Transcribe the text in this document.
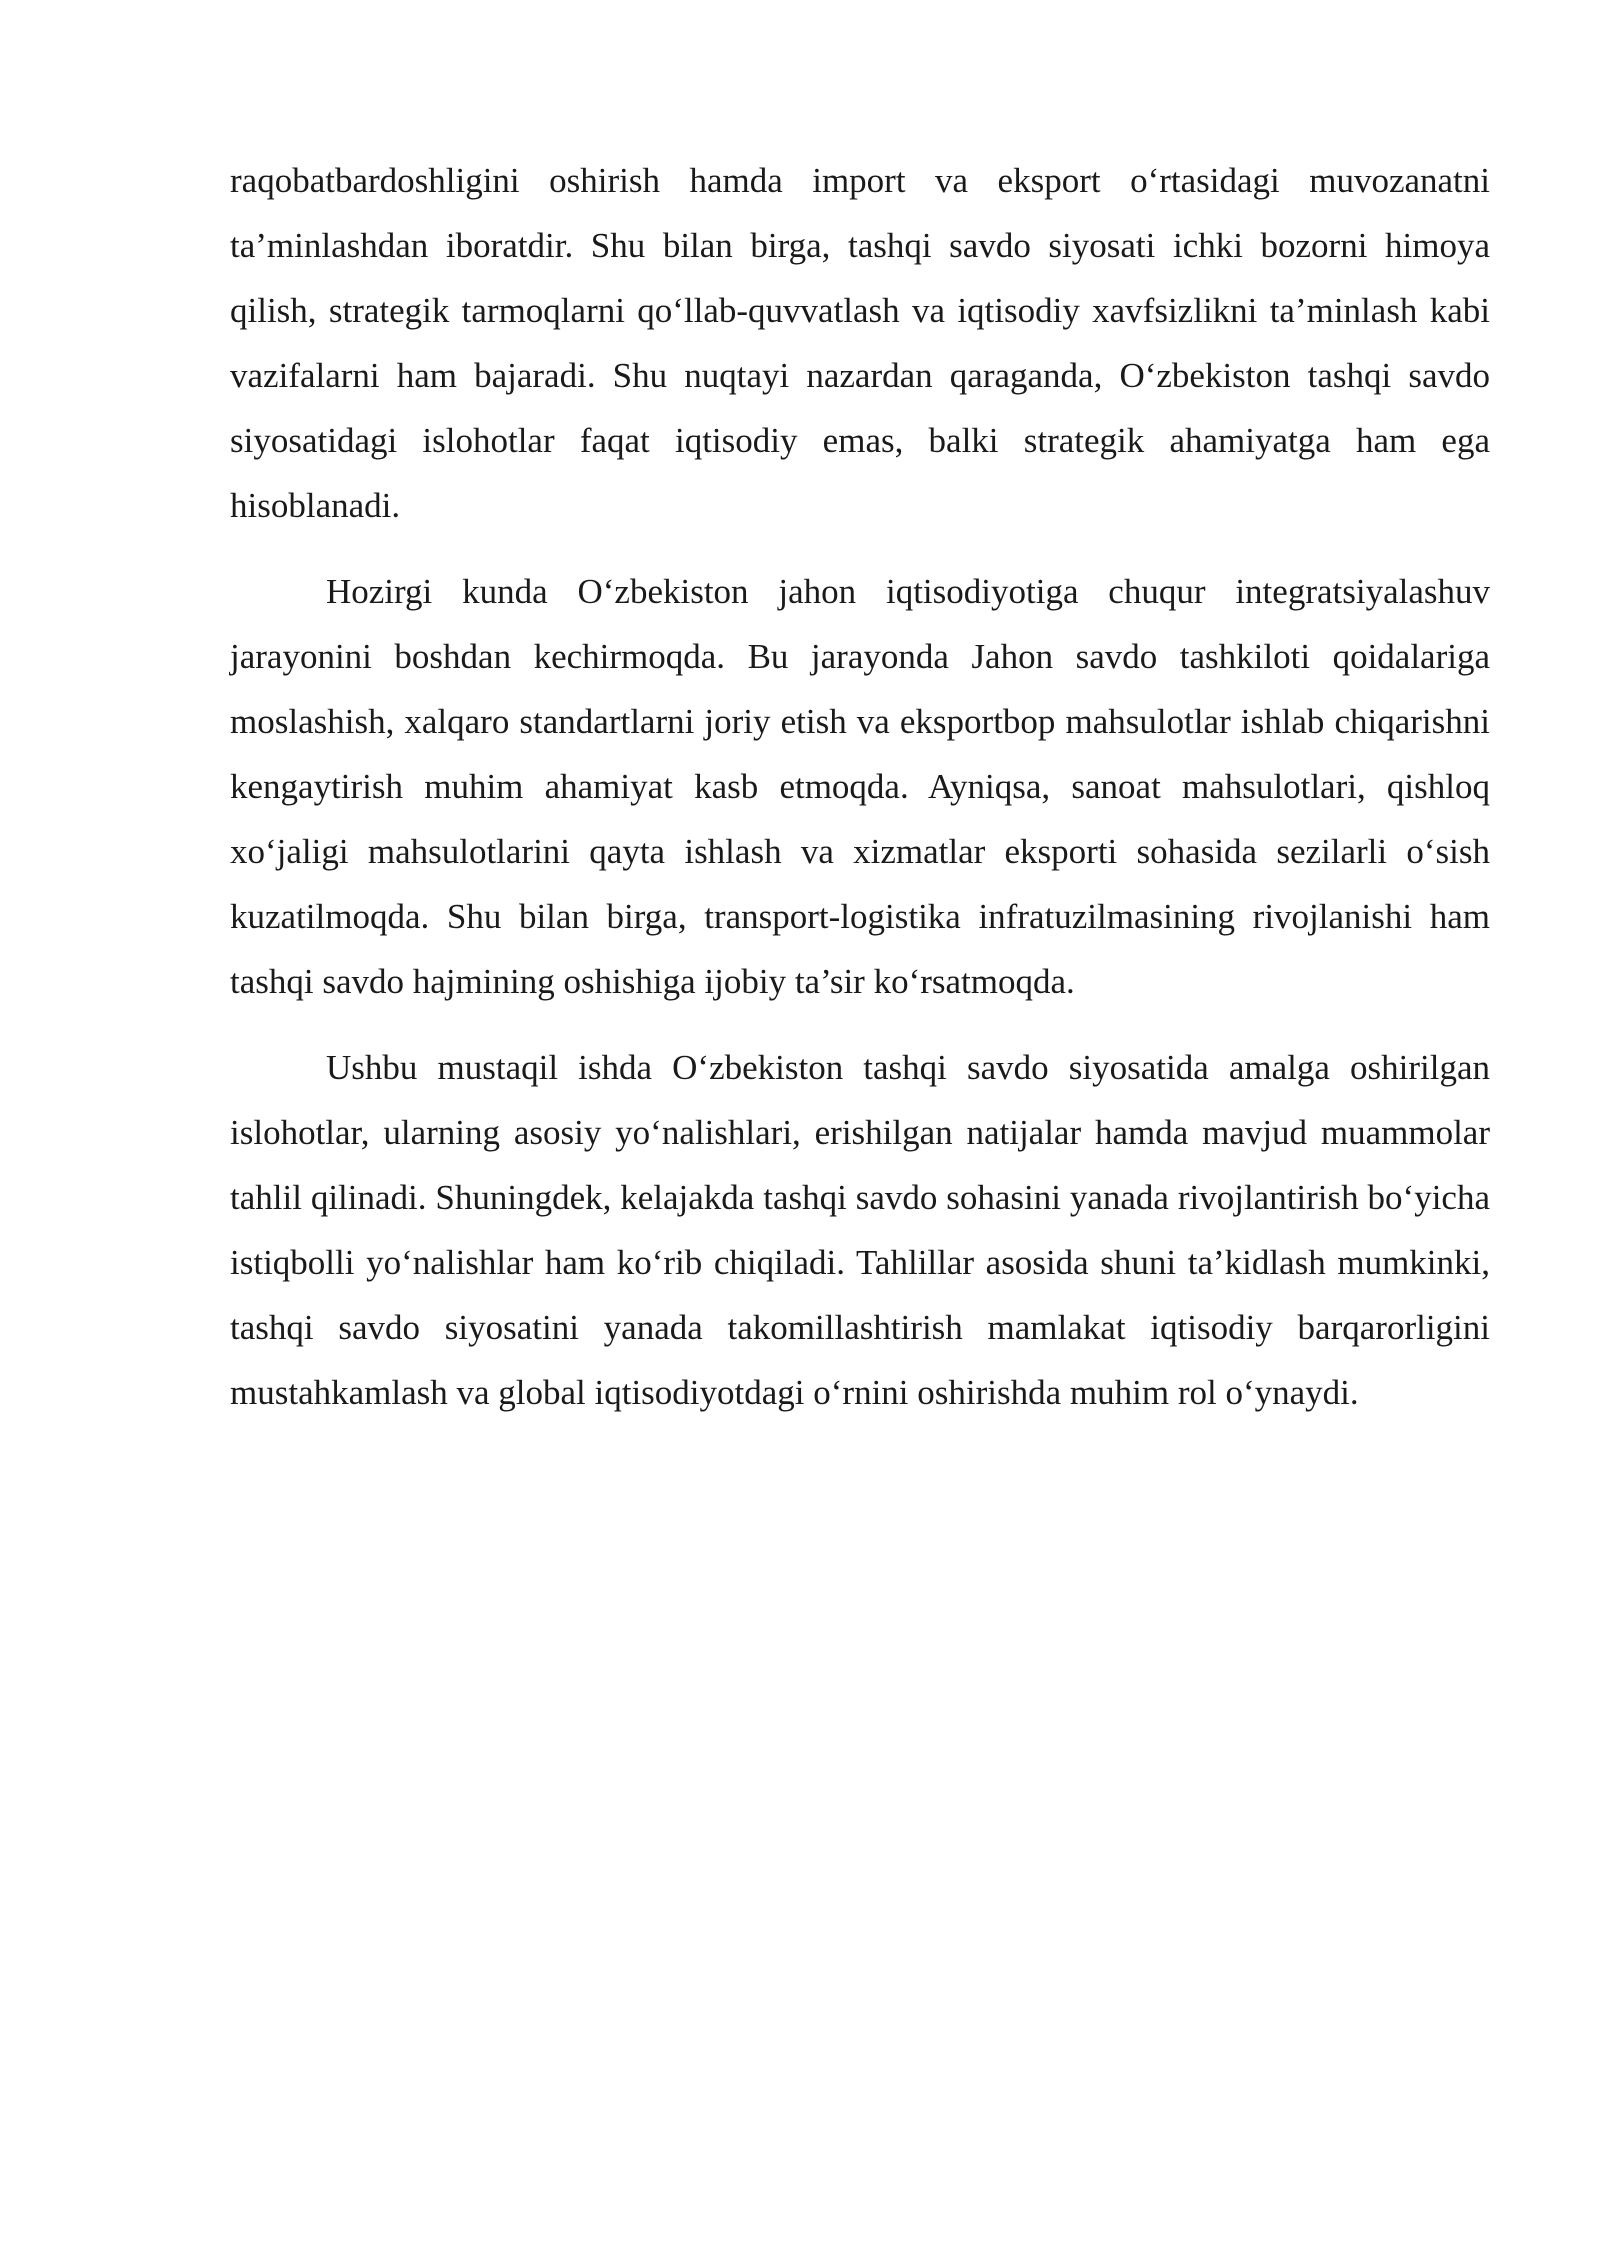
raqobatbardoshligini oshirish hamda import va eksport o‘rtasidagi muvozanatni ta’minlashdan iboratdir. Shu bilan birga, tashqi savdo siyosati ichki bozorni himoya qilish, strategik tarmoqlarni qo‘llab-quvvatlash va iqtisodiy xavfsizlikni ta’minlash kabi vazifalarni ham bajaradi. Shu nuqtayi nazardan qaraganda, O‘zbekiston tashqi savdo siyosatidagi islohotlar faqat iqtisodiy emas, balki strategik ahamiyatga ham ega hisoblanadi.

Hozirgi kunda O‘zbekiston jahon iqtisodiyotiga chuqur integratsiyalashuv jarayonini boshdan kechirmoqda. Bu jarayonda Jahon savdo tashkiloti qoidalariga moslashish, xalqaro standartlarni joriy etish va eksportbop mahsulotlar ishlab chiqarishni kengaytirish muhim ahamiyat kasb etmoqda. Ayniqsa, sanoat mahsulotlari, qishloq xo‘jaligi mahsulotlarini qayta ishlash va xizmatlar eksporti sohasida sezilarli o‘sish kuzatilmoqda. Shu bilan birga, transport-logistika infratuzilmasining rivojlanishi ham tashqi savdo hajmining oshishiga ijobiy ta’sir ko‘rsatmoqda.

Ushbu mustaqil ishda O‘zbekiston tashqi savdo siyosatida amalga oshirilgan islohotlar, ularning asosiy yo‘nalishlari, erishilgan natijalar hamda mavjud muammolar tahlil qilinadi. Shuningdek, kelajakda tashqi savdo sohasini yanada rivojlantirish bo‘yicha istiqbolli yo‘nalishlar ham ko‘rib chiqiladi. Tahlillar asosida shuni ta’kidlash mumkinki, tashqi savdo siyosatini yanada takomillashtirish mamlakat iqtisodiy barqarorligini mustahkamlash va global iqtisodiyotdagi o‘rnini oshirishda muhim rol o‘ynaydi.
